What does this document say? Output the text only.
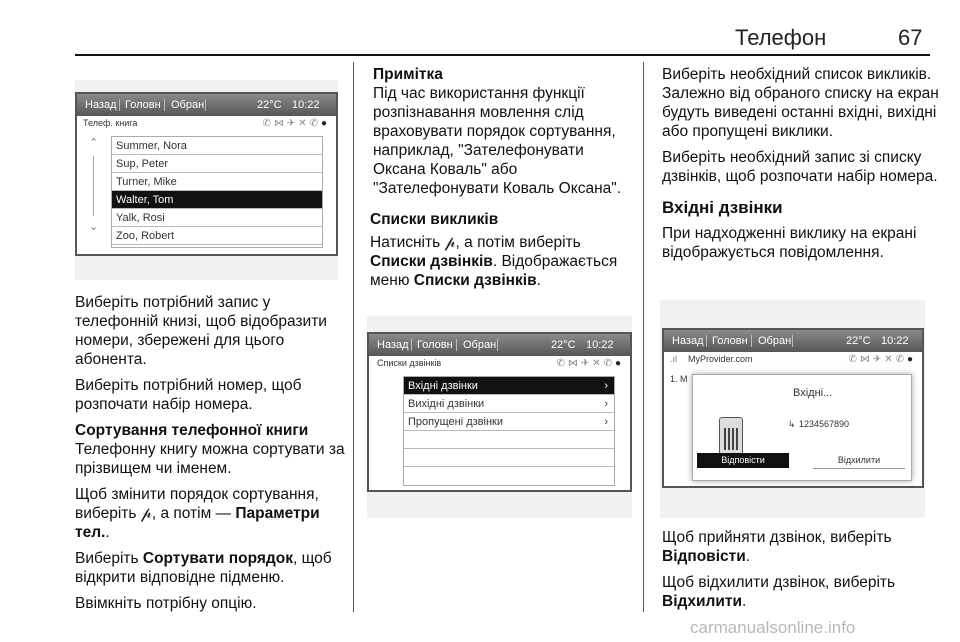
Телефон	67
Назад Головн Обран	22°C 10:22
Телеф. книга	✆⋈✈✕✆●
⌃
⌄
Summer, Nora
Sup, Peter
Turner, Mike
Walter, Tom
Yalk, Rosi
Zoo, Robert

Виберіть потрібний запис у телефонній книзі, щоб відобразити номери, збережені для цього абонента.

Виберіть потрібний номер, щоб розпочати набір номера.

Сортування телефонної книги

Телефонну книгу можна сортувати за прізвищем чи іменем.

Щоб змінити порядок сортування, виберіть 𝓅, а потім — Параметри тел..

Виберіть Сортувати порядок, щоб відкрити відповідне підменю.

Ввімкніть потрібну опцію.

Примітка

Під час використання функції розпізнавання мовлення слід враховувати порядок сортування, наприклад, "Зателефонувати Оксана Коваль" або "Зателефонувати Коваль Оксана".

Списки викликів

Натисніть 𝓅, а потім виберіть Списки дзвінків. Відображається меню Списки дзвінків.

Назад Головн Обран	22°C 10:22
Списки дзвінків	✆⋈✈✕✆●
Вхідні дзвінки	›
Вихідні дзвінки	›
Пропущені дзвінки	›

Виберіть необхідний список викликів. Залежно від обраного списку на екран будуть виведені останні вхідні, вихідні або пропущені виклики.

Виберіть необхідний запис зі списку дзвінків, щоб розпочати набір номера.

Вхідні дзвінки

При надходженні виклику на екрані відображується повідомлення.

Назад Головн Обран	22°C 10:22
.ıl MyProvider.com	✆⋈✈✕✆●
1. M
Вхідні...
↳ 1234567890
Відповісти	Відхилити

Щоб прийняти дзвінок, виберіть Відповісти.

Щоб відхилити дзвінок, виберіть Відхилити.

carmanualsonline.info
